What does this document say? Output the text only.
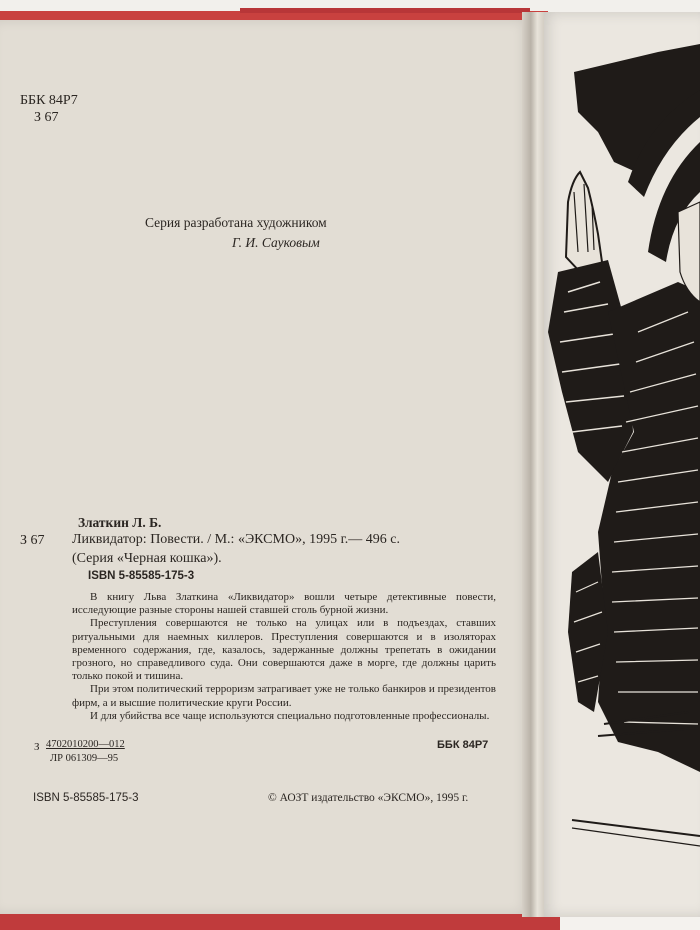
ББК 84Р7
З 67

Серия разработана художником

Г. И. Сауковым

З 67

Златкин Л. Б.

Ликвидатор: Повести. / М.: «ЭКСМО», 1995 г.— 496 с.
(Серия «Черная кошка»).

ISBN 5-85585-175-3

В книгу Льва Златкина «Ликвидатор» вошли четыре детективные повести, исследующие разные стороны нашей ставшей столь бурной жизни.

Преступления совершаются не только на улицах или в подъездах, ставших ритуальными для наемных киллеров. Преступления совершаются и в изоляторах временного содержания, где, казалось, задержанные должны трепетать в ожидании грозного, но справедливого суда. Они совершаются даже в морге, где должны царить только покой и тишина.

При этом политический терроризм затрагивает уже не только банкиров и президентов фирм, а и высшие политические круги России.

И для убийства все чаще используются специально подготовленные профессионалы.

З 4702010200—012
ЛР 061309—95

ББК 84Р7

ISBN 5-85585-175-3	© АОЗТ издательство «ЭКСМО», 1995 г.
